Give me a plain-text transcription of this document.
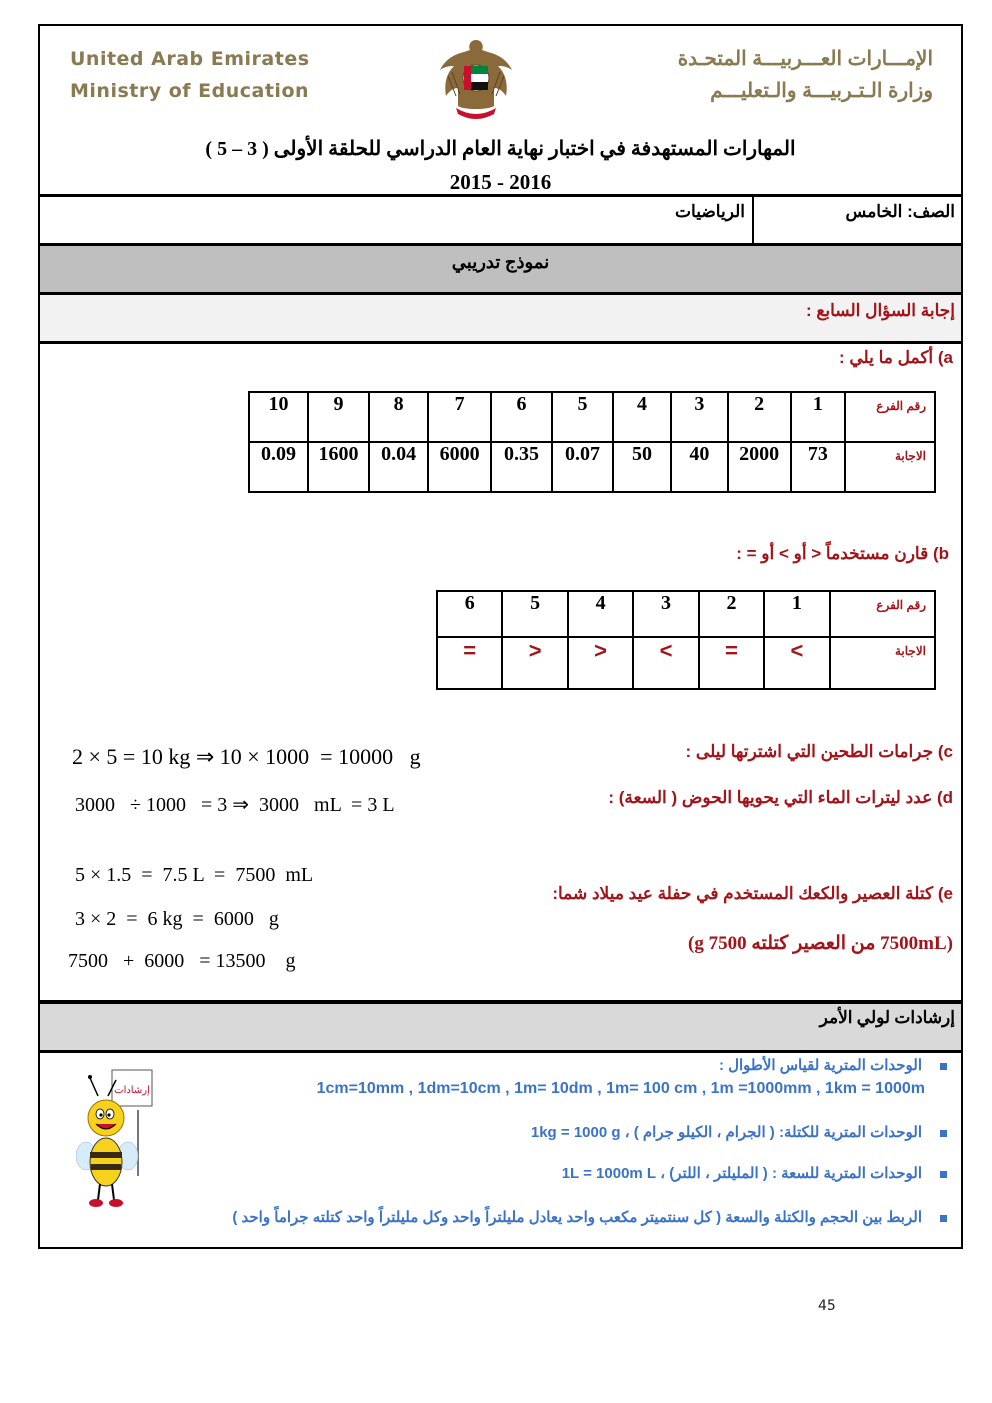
United Arab Emirates
Ministry of Education
الإمـــارات العـــربيـــة المتحـدة
وزارة الـتـربيـــة والـتعليـــم
المهارات المستهدفة في اختبار نهاية العام الدراسي للحلقة الأولى ( 3 – 5 )
2016 - 2015
الصف: الخامس
الرياضيات
نموذج تدريبي
إجابة السؤال السابع :
a) أكمل ما يلي :
10	9	8	7	6	5	4	3	2	1	رقم الفرع
0.09	1600	0.04	6000	0.35	0.07	50	40	2000	73	الاجابة
b) قارن مستخدماً < أو > أو = :
6	5	4	3	2	1	رقم الفرع
=	>	>	<	=	<	الاجابة
c) جرامات الطحين التي اشترتها ليلى :
2 × 5 = 10 kg ⇒ 10 × 1000  = 10000   g
d) عدد ليترات الماء التي يحويها الحوض ( السعة) :
3000   ÷ 1000   = 3 ⇒  3000   mL  = 3 L
5 × 1.5  =  7.5 L  =  7500  mL
3 × 2  =  6 kg  =  6000   g
7500   +  6000   = 13500    g
e) كتلة العصير والكعك المستخدم في حفلة عيد ميلاد شما:
(7500mL من العصير كتلته 7500 g)
إرشادات لولي الأمر
الوحدات المترية لقياس الأطوال :
1cm=10mm , 1dm=10cm , 1m= 10dm , 1m= 100 cm , 1m =1000mm , 1km = 1000m
الوحدات المترية للكتلة: ( الجرام ، الكيلو جرام ) ، 1kg = 1000 g
الوحدات المترية للسعة : ( المليلتر ، اللتر) ، 1L = 1000m L
الربط بين الحجم والكتلة والسعة ( كل سنتميتر مكعب واحد يعادل مليلتراً واحد وكل مليلتراً واحد كتلته جراماً واحد )
إرشادات
45
